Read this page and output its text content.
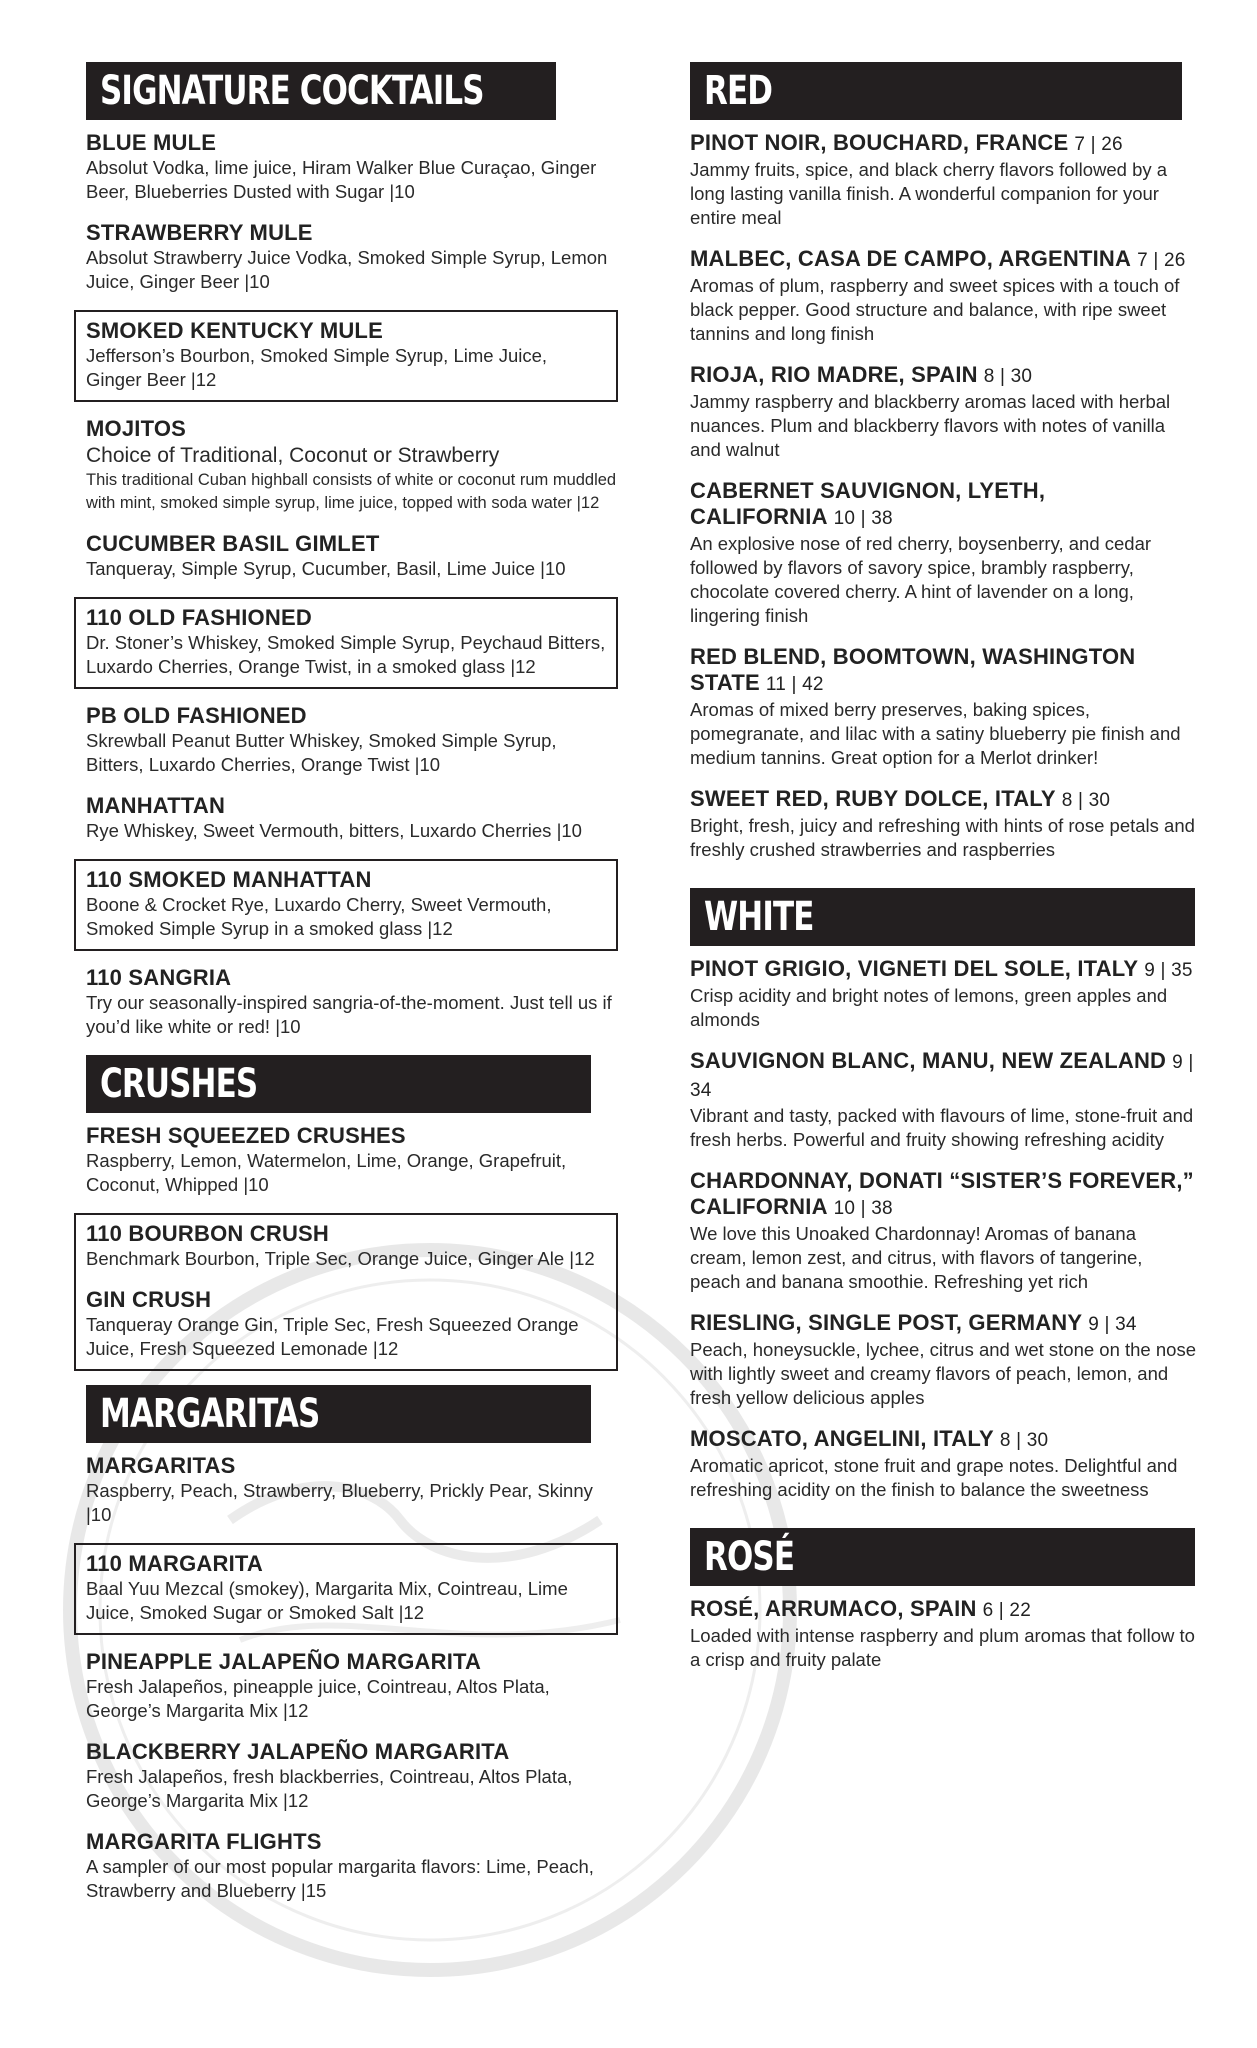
SIGNATURE COCKTAILS
BLUE MULE
Absolut Vodka, lime juice, Hiram Walker Blue Curaçao, Ginger Beer, Blueberries Dusted with Sugar |10
STRAWBERRY MULE
Absolut Strawberry Juice Vodka, Smoked Simple Syrup, Lemon Juice, Ginger Beer |10
SMOKED KENTUCKY MULE
Jefferson’s Bourbon, Smoked Simple Syrup, Lime Juice, Ginger Beer |12
MOJITOS
Choice of Traditional, Coconut or Strawberry
This traditional Cuban highball consists of white or coconut rum muddled with mint, smoked simple syrup, lime juice, topped with soda water |12
CUCUMBER BASIL GIMLET
Tanqueray, Simple Syrup, Cucumber, Basil, Lime Juice |10
110 OLD FASHIONED
Dr. Stoner’s Whiskey, Smoked Simple Syrup, Peychaud Bitters, Luxardo Cherries, Orange Twist, in a smoked glass |12
PB OLD FASHIONED
Skrewball Peanut Butter Whiskey, Smoked Simple Syrup, Bitters, Luxardo Cherries, Orange Twist |10
MANHATTAN
Rye Whiskey, Sweet Vermouth, bitters, Luxardo Cherries |10
110 SMOKED MANHATTAN
Boone & Crocket Rye, Luxardo Cherry, Sweet Vermouth, Smoked Simple Syrup in a smoked glass |12
110 SANGRIA
Try our seasonally-inspired sangria-of-the-moment. Just tell us if you’d like white or red! |10
CRUSHES
FRESH SQUEEZED CRUSHES
Raspberry, Lemon, Watermelon, Lime, Orange, Grapefruit, Coconut, Whipped |10
110 BOURBON CRUSH
Benchmark Bourbon, Triple Sec, Orange Juice, Ginger Ale |12
GIN CRUSH
Tanqueray Orange Gin, Triple Sec, Fresh Squeezed Orange Juice, Fresh Squeezed Lemonade |12
MARGARITAS
MARGARITAS
Raspberry, Peach, Strawberry, Blueberry, Prickly Pear, Skinny |10
110 MARGARITA
Baal Yuu Mezcal (smokey), Margarita Mix, Cointreau, Lime Juice, Smoked Sugar or Smoked Salt |12
PINEAPPLE JALAPEÑO MARGARITA
Fresh Jalapeños, pineapple juice, Cointreau, Altos Plata, George’s Margarita Mix |12
BLACKBERRY JALAPEÑO MARGARITA
Fresh Jalapeños, fresh blackberries, Cointreau, Altos Plata, George’s Margarita Mix |12
MARGARITA FLIGHTS
A sampler of our most popular margarita flavors: Lime, Peach, Strawberry and Blueberry |15
RED
PINOT NOIR, BOUCHARD, FRANCE 7 | 26
Jammy fruits, spice, and black cherry flavors followed by a long lasting vanilla finish. A wonderful companion for your entire meal
MALBEC, CASA DE CAMPO, ARGENTINA 7 | 26
Aromas of plum, raspberry and sweet spices with a touch of black pepper. Good structure and balance, with ripe sweet tannins and long finish
RIOJA, RIO MADRE, SPAIN 8 | 30
Jammy raspberry and blackberry aromas laced with herbal nuances. Plum and blackberry flavors with notes of vanilla and walnut
CABERNET SAUVIGNON, LYETH, CALIFORNIA 10 | 38
An explosive nose of red cherry, boysenberry, and cedar followed by flavors of savory spice, brambly raspberry, chocolate covered cherry. A hint of lavender on a long, lingering finish
RED BLEND, BOOMTOWN, WASHINGTON STATE 11 | 42
Aromas of mixed berry preserves, baking spices, pomegranate, and lilac with a satiny blueberry pie finish and medium tannins. Great option for a Merlot drinker!
SWEET RED, RUBY DOLCE, ITALY 8 | 30
Bright, fresh, juicy and refreshing with hints of rose petals and freshly crushed strawberries and raspberries
WHITE
PINOT GRIGIO, VIGNETI DEL SOLE, ITALY 9 | 35
Crisp acidity and bright notes of lemons, green apples and almonds
SAUVIGNON BLANC, MANU, NEW ZEALAND 9 | 34
Vibrant and tasty, packed with flavours of lime, stone-fruit and fresh herbs. Powerful and fruity showing refreshing acidity
CHARDONNAY, DONATI “SISTER’S FOREVER,” CALIFORNIA 10 | 38
We love this Unoaked Chardonnay! Aromas of banana cream, lemon zest, and citrus, with flavors of tangerine, peach and banana smoothie. Refreshing yet rich
RIESLING, SINGLE POST, GERMANY 9 | 34
Peach, honeysuckle, lychee, citrus and wet stone on the nose with lightly sweet and creamy flavors of peach, lemon, and fresh yellow delicious apples
MOSCATO, ANGELINI, ITALY 8 | 30
Aromatic apricot, stone fruit and grape notes. Delightful and refreshing acidity on the finish to balance the sweetness
ROSÉ
ROSÉ, ARRUMACO, SPAIN 6 | 22
Loaded with intense raspberry and plum aromas that follow to a crisp and fruity palate
